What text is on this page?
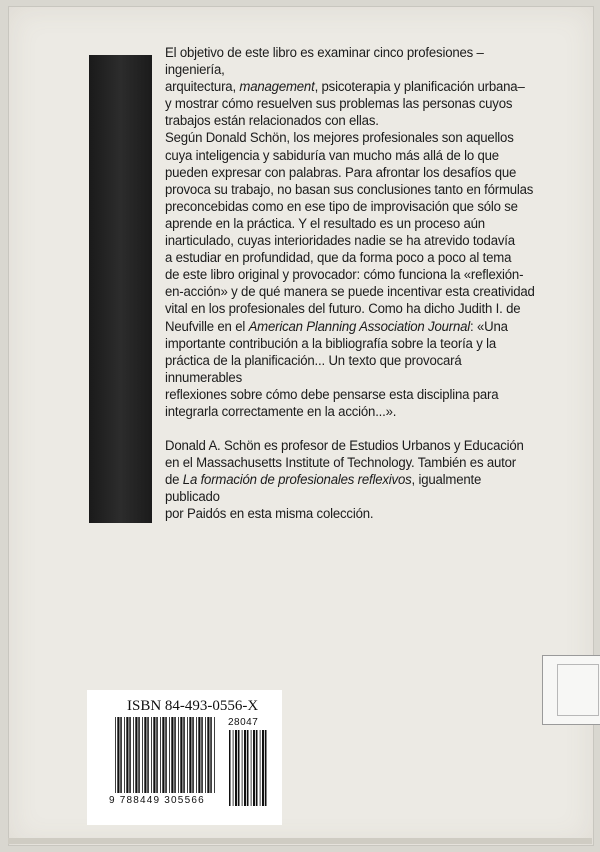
El objetivo de este libro es examinar cinco profesiones –ingeniería,

arquitectura, management, psicoterapia y planificación urbana–

y mostrar cómo resuelven sus problemas las personas cuyos

trabajos están relacionados con ellas.

Según Donald Schön, los mejores profesionales son aquellos

cuya inteligencia y sabiduría van mucho más allá de lo que

pueden expresar con palabras. Para afrontar los desafíos que

provoca su trabajo, no basan sus conclusiones tanto en fórmulas

preconcebidas como en ese tipo de improvisación que sólo se

aprende en la práctica. Y el resultado es un proceso aún

inarticulado, cuyas interioridades nadie se ha atrevido todavía

a estudiar en profundidad, que da forma poco a poco al tema

de este libro original y provocador: cómo funciona la «reflexión-

en-acción» y de qué manera se puede incentivar esta creatividad

vital en los profesionales del futuro. Como ha dicho Judith I. de

Neufville en el American Planning Association Journal: «Una

importante contribución a la bibliografía sobre la teoría y la

práctica de la planificación... Un texto que provocará innumerables

reflexiones sobre cómo debe pensarse esta disciplina para

integrarla correctamente en la acción...».

Donald A. Schön es profesor de Estudios Urbanos y Educación

en el Massachusetts Institute of Technology. También es autor

de La formación de profesionales reflexivos, igualmente publicado

por Paidós en esta misma colección.

ISBN 84-493-0556-X
28047
9 788449 305566
